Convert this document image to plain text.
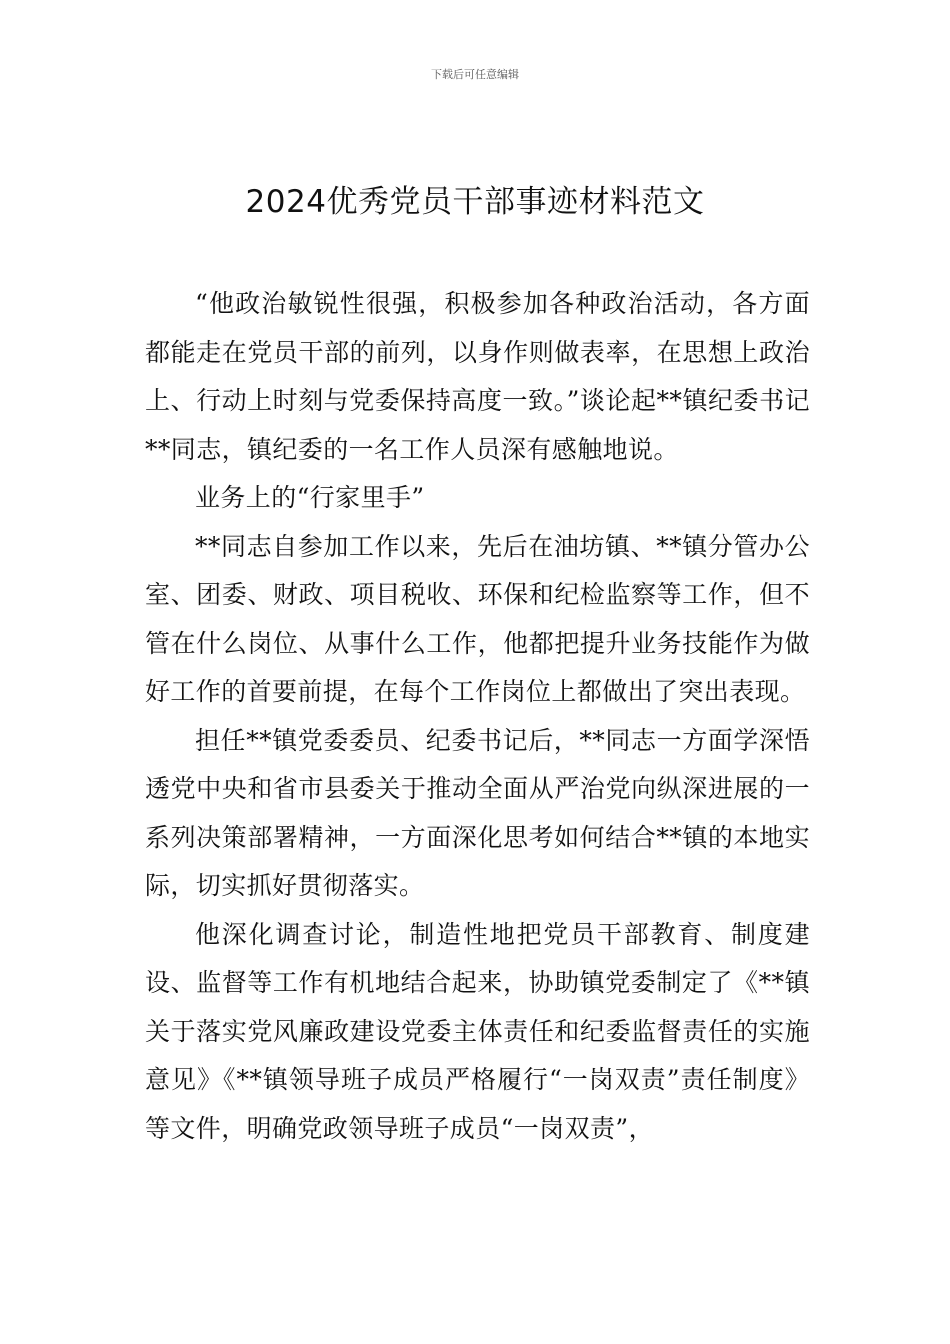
下载后可任意编辑
2024优秀党员干部事迹材料范文

“他政治敏锐性很强，积极参加各种政治活动，各方面都能走在党员干部的前列，以身作则做表率，在思想上政治上、行动上时刻与党委保持高度一致。”谈论起**镇纪委书记**同志，镇纪委的一名工作人员深有感触地说。

业务上的“行家里手”

**同志自参加工作以来，先后在油坊镇、**镇分管办公室、团委、财政、项目税收、环保和纪检监察等工作，但不管在什么岗位、从事什么工作，他都把提升业务技能作为做好工作的首要前提，在每个工作岗位上都做出了突出表现。

担任**镇党委委员、纪委书记后，**同志一方面学深悟透党中央和省市县委关于推动全面从严治党向纵深进展的一系列决策部署精神，一方面深化思考如何结合**镇的本地实际，切实抓好贯彻落实。

他深化调查讨论，制造性地把党员干部教育、制度建设、监督等工作有机地结合起来，协助镇党委制定了《**镇关于落实党风廉政建设党委主体责任和纪委监督责任的实施意见》《**镇领导班子成员严格履行“一岗双责”责任制度》等文件，明确党政领导班子成员“一岗双责”，
